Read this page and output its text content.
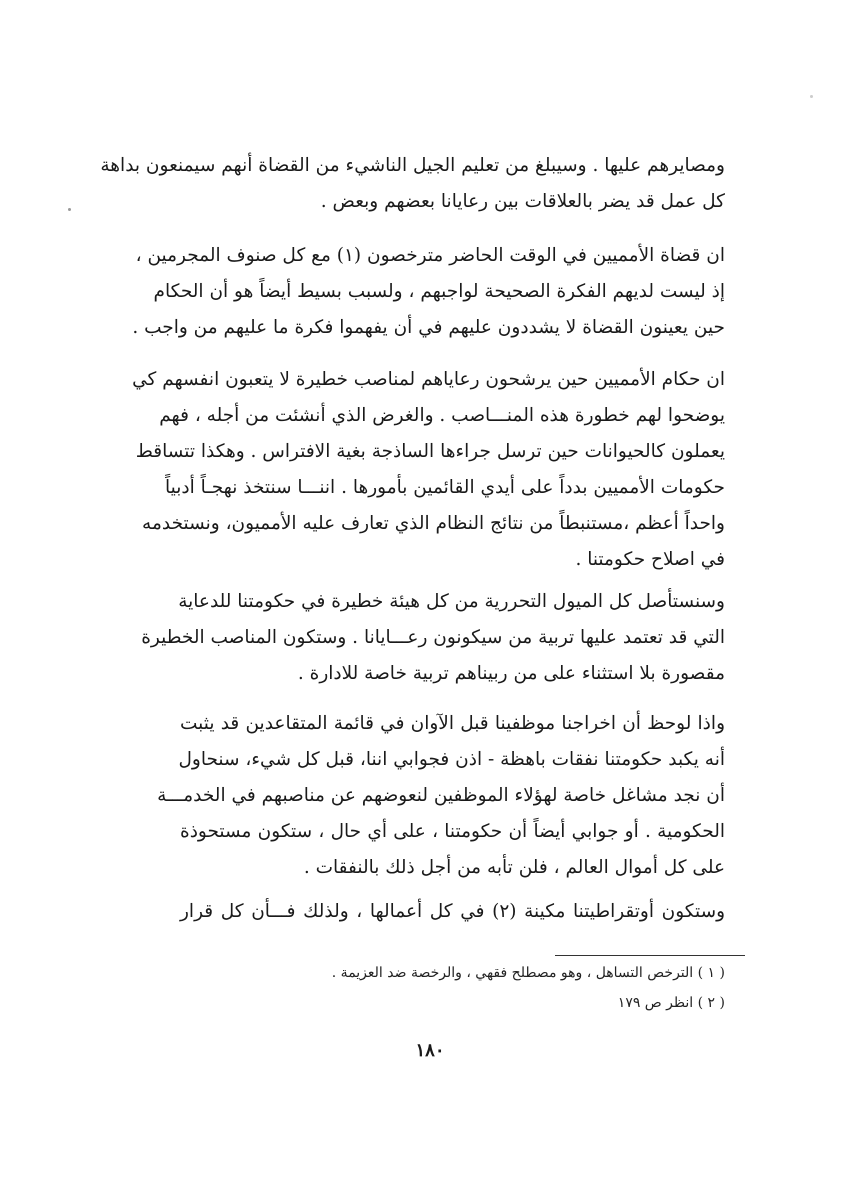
ومصايرهم عليها . وسيبلغ من تعليم الجيل الناشيء من القضاة أنهم سيمنعون بداهة
كل عمل قد يضر بالعلاقات بين رعايانا بعضهم وبعض .
ان قضاة الأمميين في الوقت الحاضر مترخصون (١) مع كل صنوف المجرمين ،
إذ ليست لديهم الفكرة الصحيحة لواجبهم ، ولسبب بسيط أيضاً هو أن الحكام
حين يعينون القضاة لا يشددون عليهم في أن يفهموا فكرة ما عليهم من واجب .
ان حكام الأمميين حين يرشحون رعاياهم لمناصب خطيرة لا يتعبون انفسهم كي
يوضحوا لهم خطورة هذه المنـــاصب . والغرض الذي أنشئت من أجله ، فهم
يعملون كالحيوانات حين ترسل جراءها الساذجة بغية الافتراس . وهكذا تتساقط
حكومات الأمميين بدداً على أيدي القائمين بأمورها . اننـــا سنتخذ نهجـاً أدبياً
واحداً أعظم ،مستنبطاً من نتائج النظام الذي تعارف عليه الأمميون، ونستخدمه
في اصلاح حكومتنا .
وسنستأصل كل الميول التحررية من كل هيئة خطيرة في حكومتنا للدعاية
التي قد تعتمد عليها تربية من سيكونون رعـــايانا . وستكون المناصب الخطيرة
مقصورة بلا استثناء على من ربيناهم تربية خاصة للادارة .
واذا لوحظ أن اخراجنا موظفينا قبل الآوان في قائمة المتقاعدين قد يثبت
أنه يكبد حكومتنا نفقات باهظة - اذن فجوابي اننا، قبل كل شيء، سنحاول
أن نجد مشاغل خاصة لهؤلاء الموظفين لنعوضهم عن مناصبهم في الخدمـــة
الحكومية . أو جوابي أيضاً أن حكومتنا ، على أي حال ، ستكون مستحوذة
على كل أموال العالم ، فلن تأبه من أجل ذلك بالنفقات .
وستكون أوتقراطيتنا مكينة (٢) في كل أعمالها ، ولذلك فـــأن كل قرار
( ١ ) الترخص التساهل ، وهو مصطلح فقهي ، والرخصة ضد العزيمة .
( ٢ ) انظر ص ١٧٩
١٨٠
